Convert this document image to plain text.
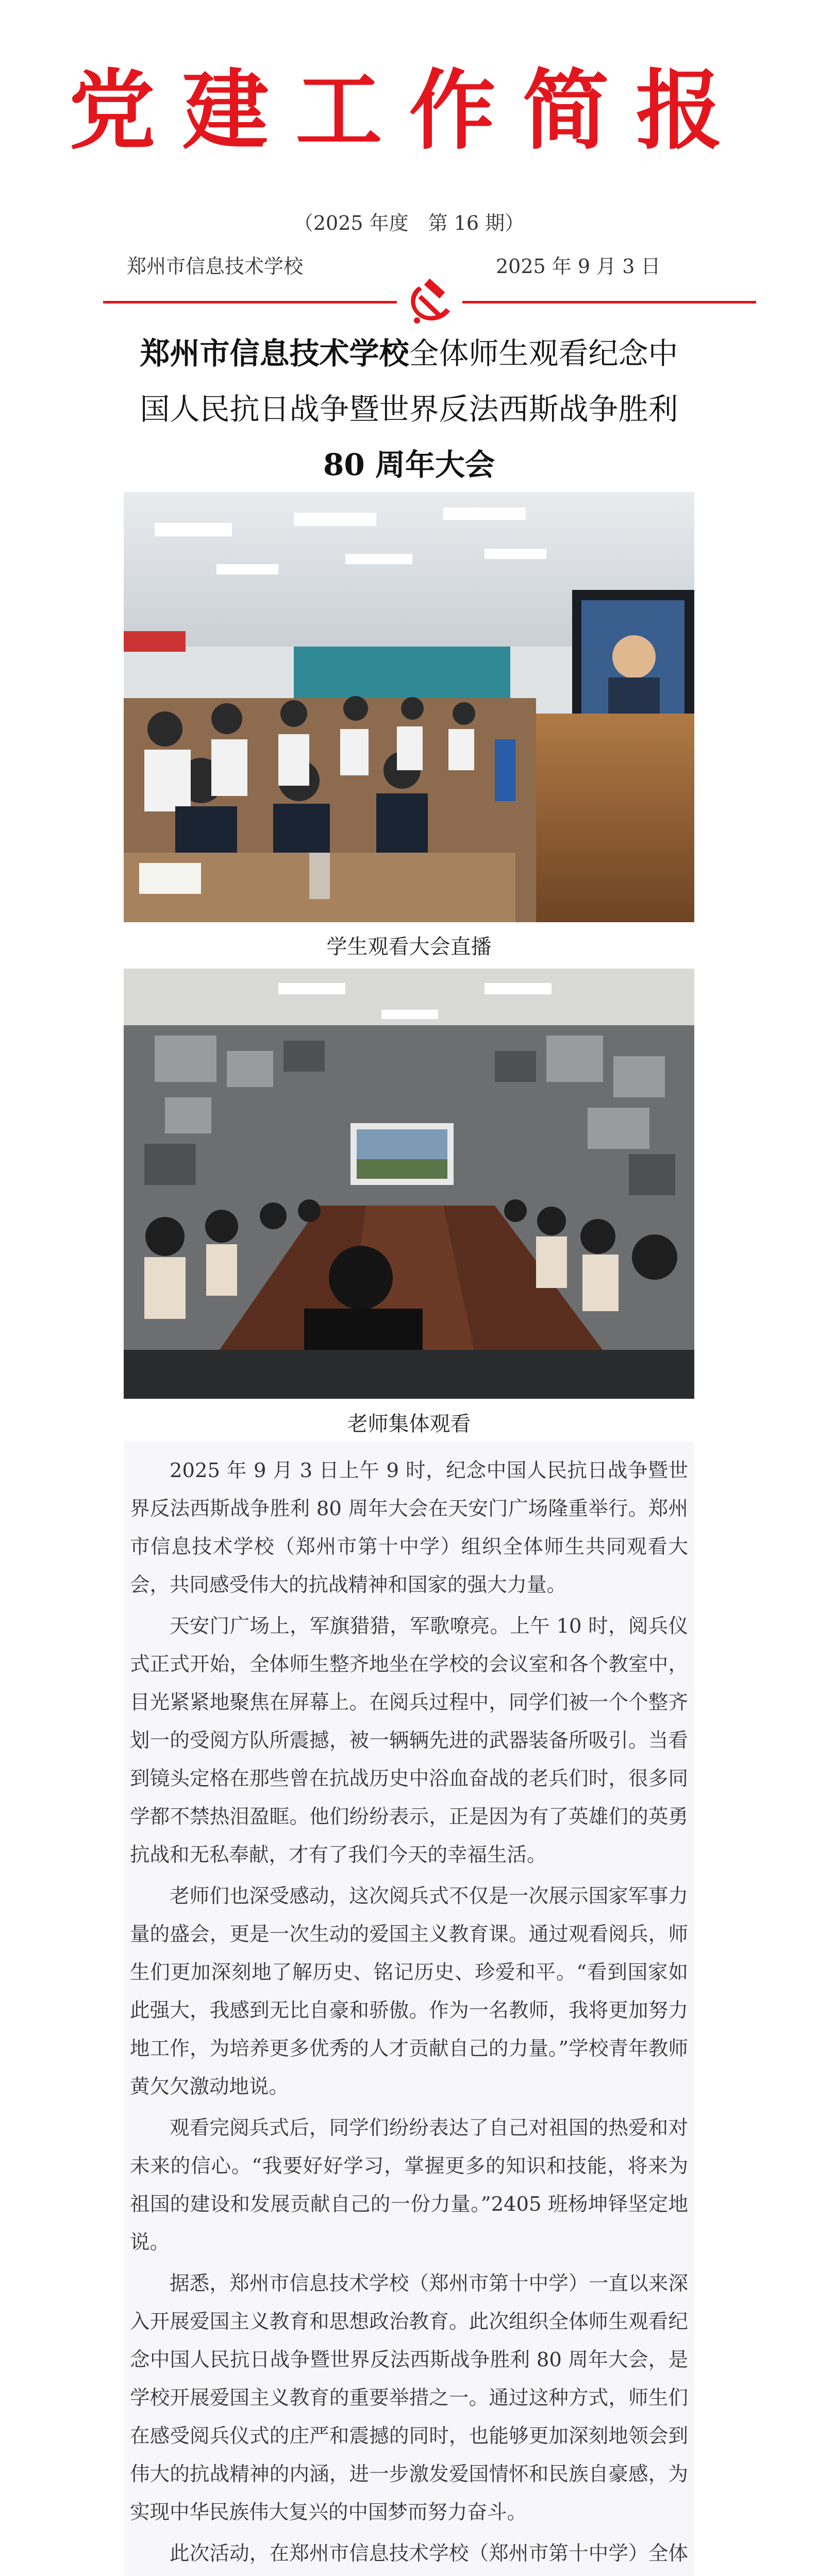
党建工作简报
（2025 年度　第 16 期）
郑州市信息技术学校	2025 年 9 月 3 日
郑州市信息技术学校全体师生观看纪念中
国人民抗日战争暨世界反法西斯战争胜利
80 周年大会
学生观看大会直播
老师集体观看

2025 年 9 月 3 日上午 9 时，纪念中国人民抗日战争暨世界反法西斯战争胜利 80 周年大会在天安门广场隆重举行。郑州市信息技术学校（郑州市第十中学）组织全体师生共同观看大会，共同感受伟大的抗战精神和国家的强大力量。

天安门广场上，军旗猎猎，军歌嘹亮。上午 10 时，阅兵仪式正式开始，全体师生整齐地坐在学校的会议室和各个教室中，目光紧紧地聚焦在屏幕上。在阅兵过程中，同学们被一个个整齐划一的受阅方队所震撼，被一辆辆先进的武器装备所吸引。当看到镜头定格在那些曾在抗战历史中浴血奋战的老兵们时，很多同学都不禁热泪盈眶。他们纷纷表示，正是因为有了英雄们的英勇抗战和无私奉献，才有了我们今天的幸福生活。

老师们也深受感动，这次阅兵式不仅是一次展示国家军事力量的盛会，更是一次生动的爱国主义教育课。通过观看阅兵，师生们更加深刻地了解历史、铭记历史、珍爱和平。“看到国家如此强大，我感到无比自豪和骄傲。作为一名教师，我将更加努力地工作，为培养更多优秀的人才贡献自己的力量。”学校青年教师黄欠欠激动地说。

观看完阅兵式后，同学们纷纷表达了自己对祖国的热爱和对未来的信心。“我要好好学习，掌握更多的知识和技能，将来为祖国的建设和发展贡献自己的一份力量。”2405 班杨坤铎坚定地说。

据悉，郑州市信息技术学校（郑州市第十中学）一直以来深入开展爱国主义教育和思想政治教育。此次组织全体师生观看纪念中国人民抗日战争暨世界反法西斯战争胜利 80 周年大会，是学校开展爱国主义教育的重要举措之一。通过这种方式，师生们在感受阅兵仪式的庄严和震撼的同时，也能够更加深刻地领会到伟大的抗战精神的内涵，进一步激发爱国情怀和民族自豪感，为实现中华民族伟大复兴的中国梦而努力奋斗。

此次活动，在郑州市信息技术学校（郑州市第十中学）全体
